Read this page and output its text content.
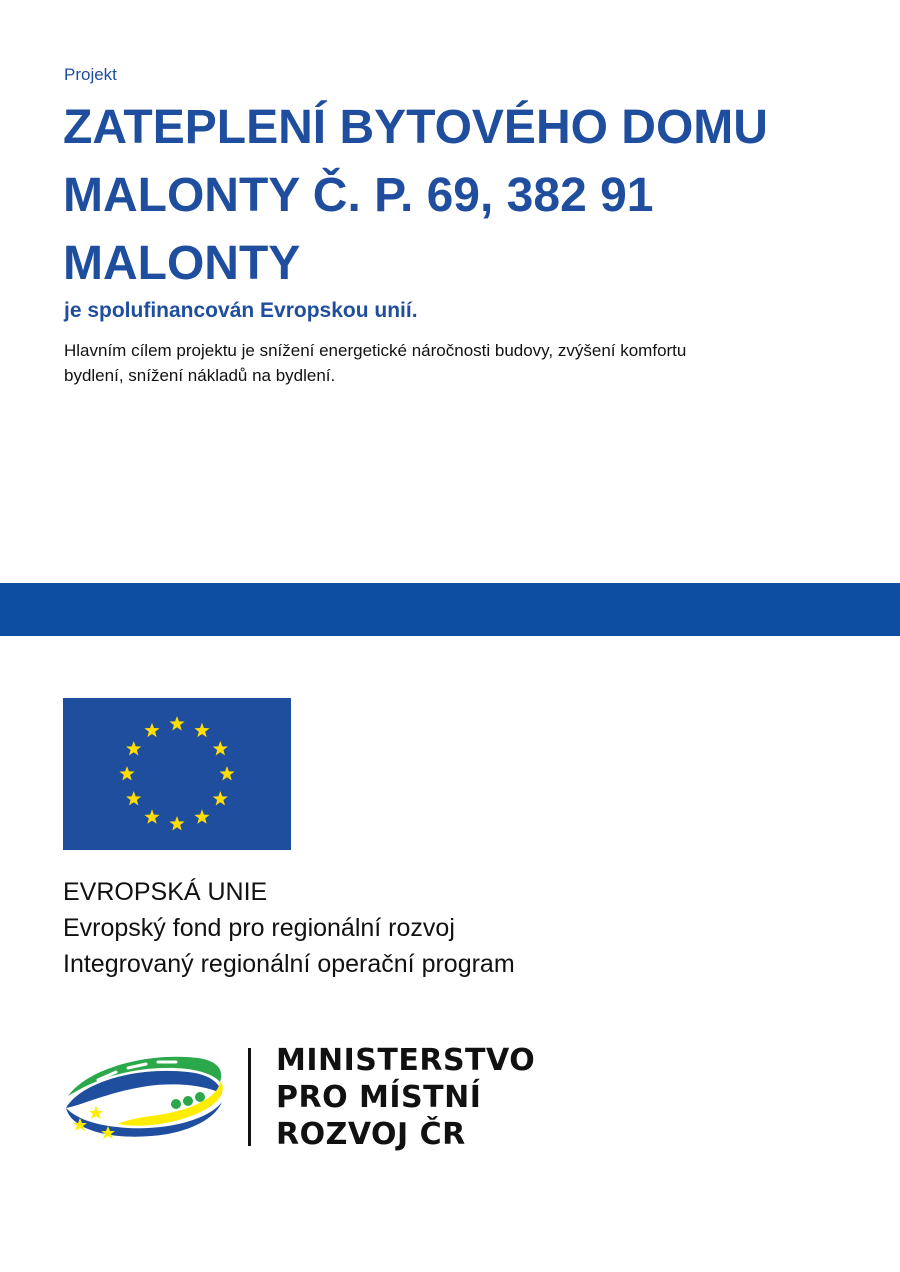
Projekt
ZATEPLENÍ BYTOVÉHO DOMU
MALONTY Č. P. 69, 382 91
MALONTY
je spolufinancován Evropskou unií.
Hlavním cílem projektu je snížení energetické náročnosti budovy, zvýšení komfortu
bydlení, snížení nákladů na bydlení.
EVROPSKÁ UNIE
Evropský fond pro regionální rozvoj
Integrovaný regionální operační program
MINISTERSTVO
PRO MÍSTNÍ
ROZVOJ ČR
